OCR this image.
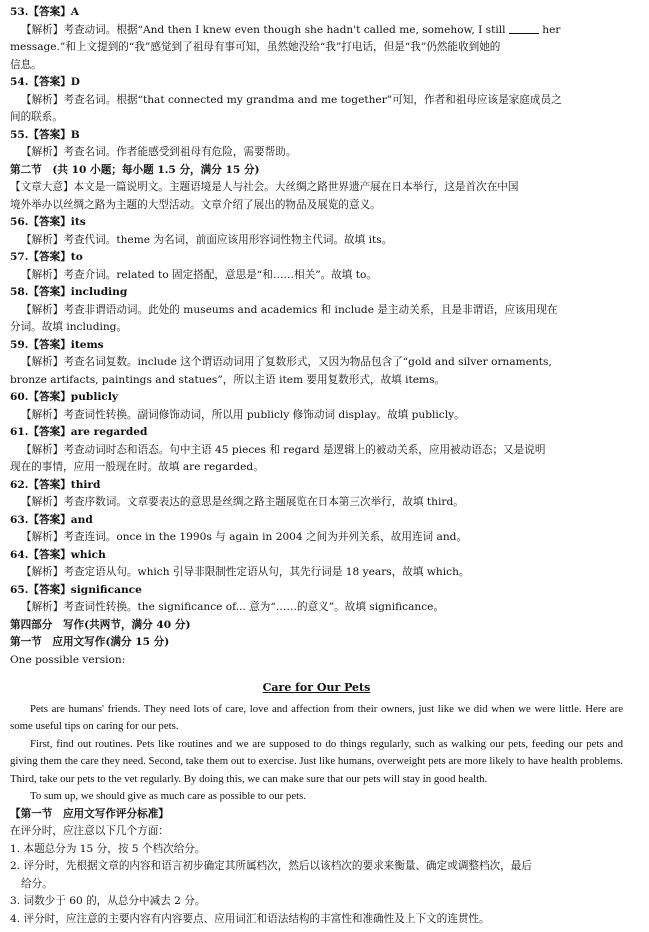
53.【答案】A
【解析】考查动词。根据“And then I knew even though she hadn't called me, somehow, I still	her
message.”和上文提到的“我”感觉到了祖母有事可知，虽然她没给“我”打电话，但是“我”仍然能收到她的
信息。
54.【答案】D
【解析】考查名词。根据“that connected my grandma and me together”可知，作者和祖母应该是家庭成员之
间的联系。
55.【答案】B
【解析】考查名词。作者能感受到祖母有危险，需要帮助。
第二节　(共 10 小题；每小题 1.5 分，满分 15 分)
【文章大意】本文是一篇说明文。主题语境是人与社会。大丝绸之路世界遗产展在日本举行，这是首次在中国
境外举办以丝绸之路为主题的大型活动。文章介绍了展出的物品及展览的意义。
56.【答案】its
【解析】考查代词。theme 为名词，前面应该用形容词性物主代词。故填 its。
57.【答案】to
【解析】考查介词。related to 固定搭配，意思是“和……相关”。故填 to。
58.【答案】including
【解析】考查非谓语动词。此处的 museums and academics 和 include 是主动关系，且是非谓语，应该用现在
分词。故填 including。
59.【答案】items
【解析】考查名词复数。include 这个谓语动词用了复数形式，又因为物品包含了“gold and silver ornaments,
bronze artifacts, paintings and statues”，所以主语 item 要用复数形式，故填 items。
60.【答案】publicly
【解析】考查词性转换。副词修饰动词，所以用 publicly 修饰动词 display。故填 publicly。
61.【答案】are regarded
【解析】考查动词时态和语态。句中主语 45 pieces 和 regard 是逻辑上的被动关系，应用被动语态；又是说明
现在的事情，应用一般现在时。故填 are regarded。
62.【答案】third
【解析】考查序数词。文章要表达的意思是丝绸之路主题展览在日本第三次举行，故填 third。
63.【答案】and
【解析】考查连词。once in the 1990s 与 again in 2004 之间为并列关系，故用连词 and。
64.【答案】which
【解析】考查定语从句。which 引导非限制性定语从句，其先行词是 18 years，故填 which。
65.【答案】significance
【解析】考查词性转换。the significance of... 意为“……的意义”。故填 significance。
第四部分　写作(共两节，满分 40 分)
第一节　应用文写作(满分 15 分)
One possible version:
Care for Our Pets
Pets are humans' friends. They need lots of care, love and affection from their owners, just like we did when we were little. Here are some useful tips on caring for our pets.
First, find out routines. Pets like routines and we are supposed to do things regularly, such as walking our pets, feeding our pets and giving them the care they need. Second, take them out to exercise. Just like humans, overweight pets are more likely to have health problems. Third, take our pets to the vet regularly. By doing this, we can make sure that our pets will stay in good health.
To sum up, we should give as much care as possible to our pets.
【第一节　应用文写作评分标准】
在评分时，应注意以下几个方面：
1. 本题总分为 15 分，按 5 个档次给分。
2. 评分时，先根据文章的内容和语言初步确定其所属档次，然后以该档次的要求来衡量、确定或调整档次，最后
给分。
3. 词数少于 60 的，从总分中减去 2 分。
4. 评分时，应注意的主要内容有内容要点、应用词汇和语法结构的丰富性和准确性及上下文的连贯性。
